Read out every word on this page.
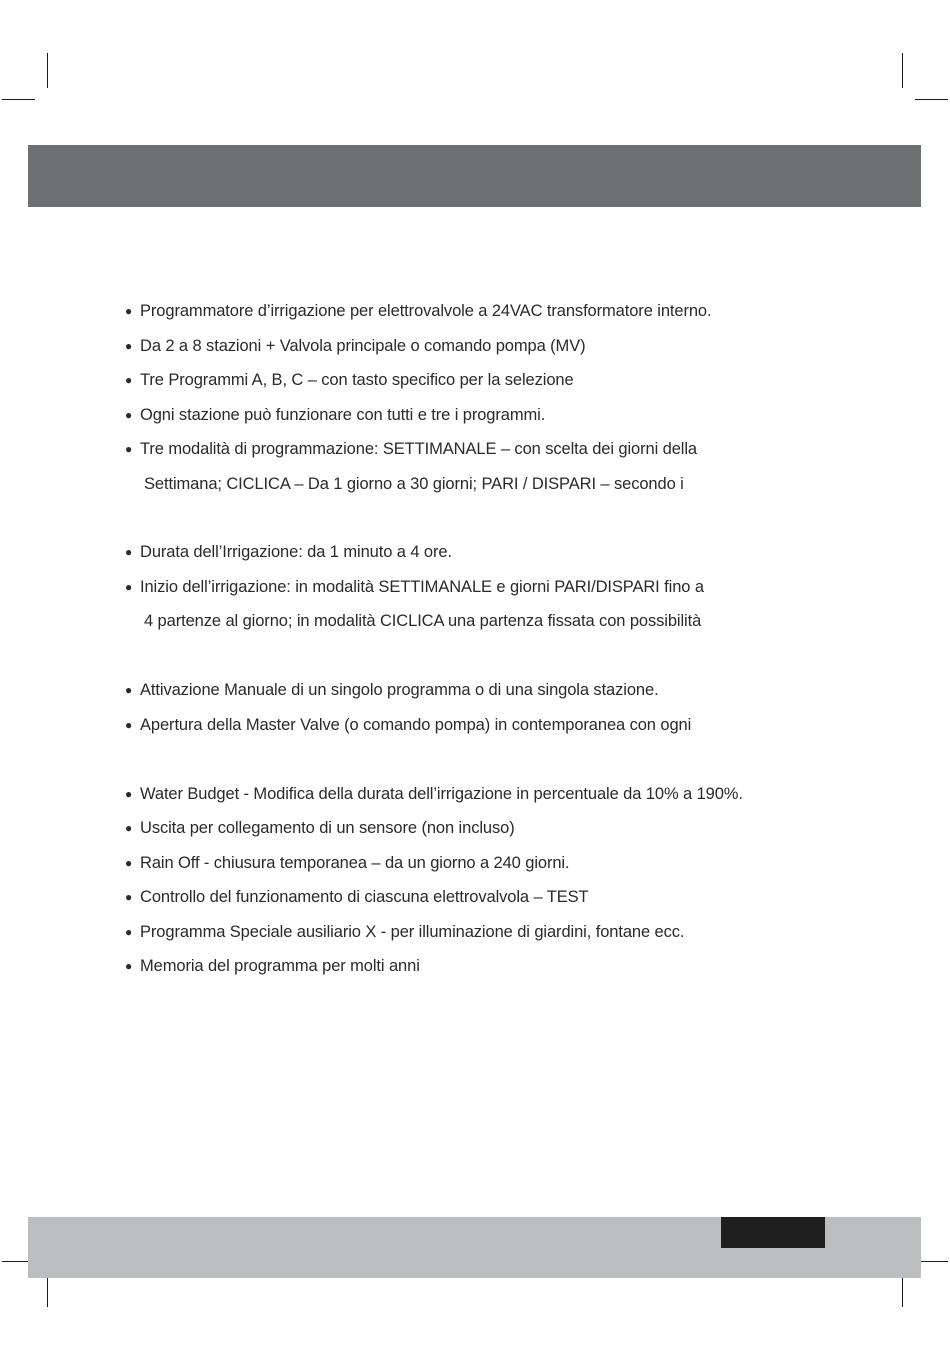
● Programmatore d’irrigazione per elettrovalvole a 24VAC transformatore interno.
● Da 2 a 8 stazioni + Valvola principale o comando pompa (MV)
● Tre Programmi A, B, C – con tasto specifico per la selezione
● Ogni stazione può funzionare con tutti e tre i programmi.
● Tre modalità di programmazione: SETTIMANALE – con scelta dei giorni della
Settimana; CICLICA – Da 1 giorno a 30 giorni; PARI / DISPARI – secondo i
● Durata dell’Irrigazione: da 1 minuto a 4 ore.
● Inizio dell’irrigazione: in modalità SETTIMANALE e giorni PARI/DISPARI fino a
4 partenze al giorno; in modalità CICLICA una partenza fissata con possibilità
● Attivazione Manuale di un singolo programma o di una singola stazione.
● Apertura della Master Valve (o comando pompa) in contemporanea con ogni
● Water Budget - Modifica della durata dell’irrigazione in percentuale da 10% a 190%.
● Uscita per collegamento di un sensore (non incluso)
● Rain Off - chiusura temporanea – da un giorno a 240 giorni.
● Controllo del funzionamento di ciascuna elettrovalvola – TEST
● Programma Speciale ausiliario X - per illuminazione di giardini, fontane ecc.
● Memoria del programma per molti anni
